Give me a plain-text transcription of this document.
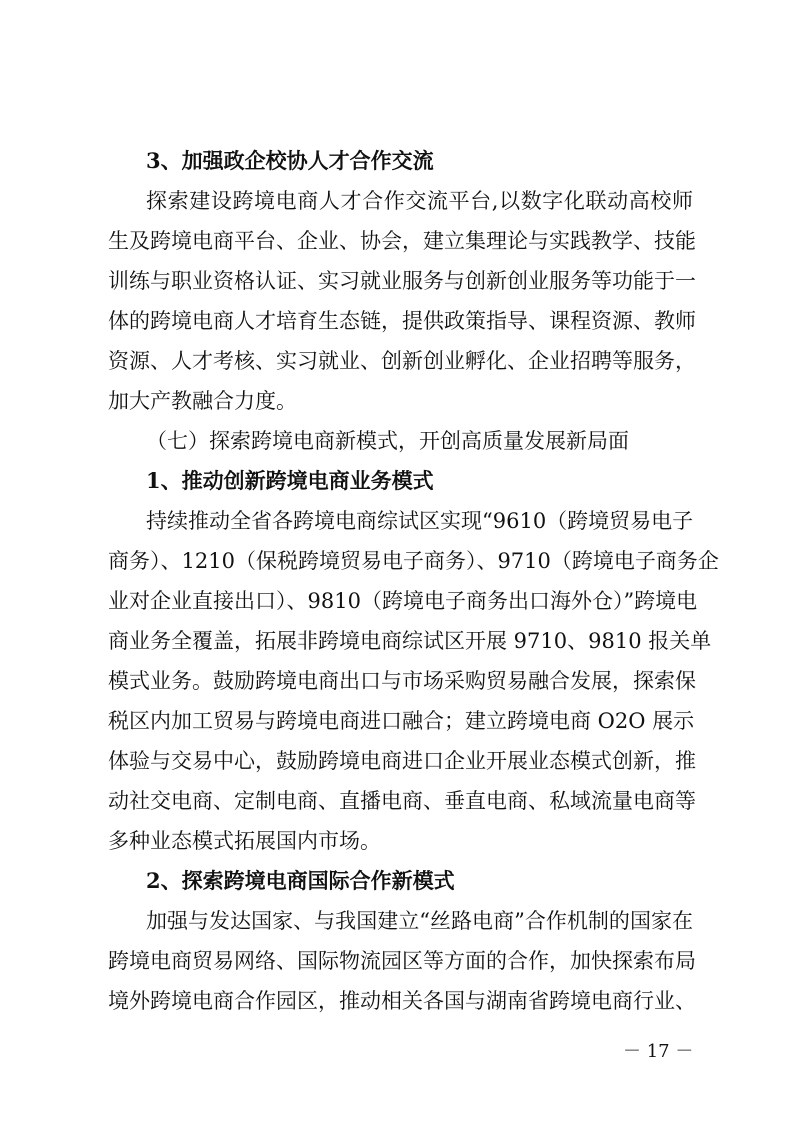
3、加强政企校协人才合作交流
探索建设跨境电商人才合作交流平台,以数字化联动高校师
生及跨境电商平台、企业、协会，建立集理论与实践教学、技能
训练与职业资格认证、实习就业服务与创新创业服务等功能于一
体的跨境电商人才培育生态链，提供政策指导、课程资源、教师
资源、人才考核、实习就业、创新创业孵化、企业招聘等服务，
加大产教融合力度。
（七）探索跨境电商新模式，开创高质量发展新局面
1、推动创新跨境电商业务模式
持续推动全省各跨境电商综试区实现“9610（跨境贸易电子
商务）、1210（保税跨境贸易电子商务）、9710（跨境电子商务企
业对企业直接出口）、9810（跨境电子商务出口海外仓）”跨境电
商业务全覆盖，拓展非跨境电商综试区开展 9710、9810 报关单
模式业务。鼓励跨境电商出口与市场采购贸易融合发展，探索保
税区内加工贸易与跨境电商进口融合；建立跨境电商 O2O 展示
体验与交易中心，鼓励跨境电商进口企业开展业态模式创新，推
动社交电商、定制电商、直播电商、垂直电商、私域流量电商等
多种业态模式拓展国内市场。
2、探索跨境电商国际合作新模式
加强与发达国家、与我国建立“丝路电商”合作机制的国家在
跨境电商贸易网络、国际物流园区等方面的合作，加快探索布局
境外跨境电商合作园区，推动相关各国与湖南省跨境电商行业、
－ 17 －
